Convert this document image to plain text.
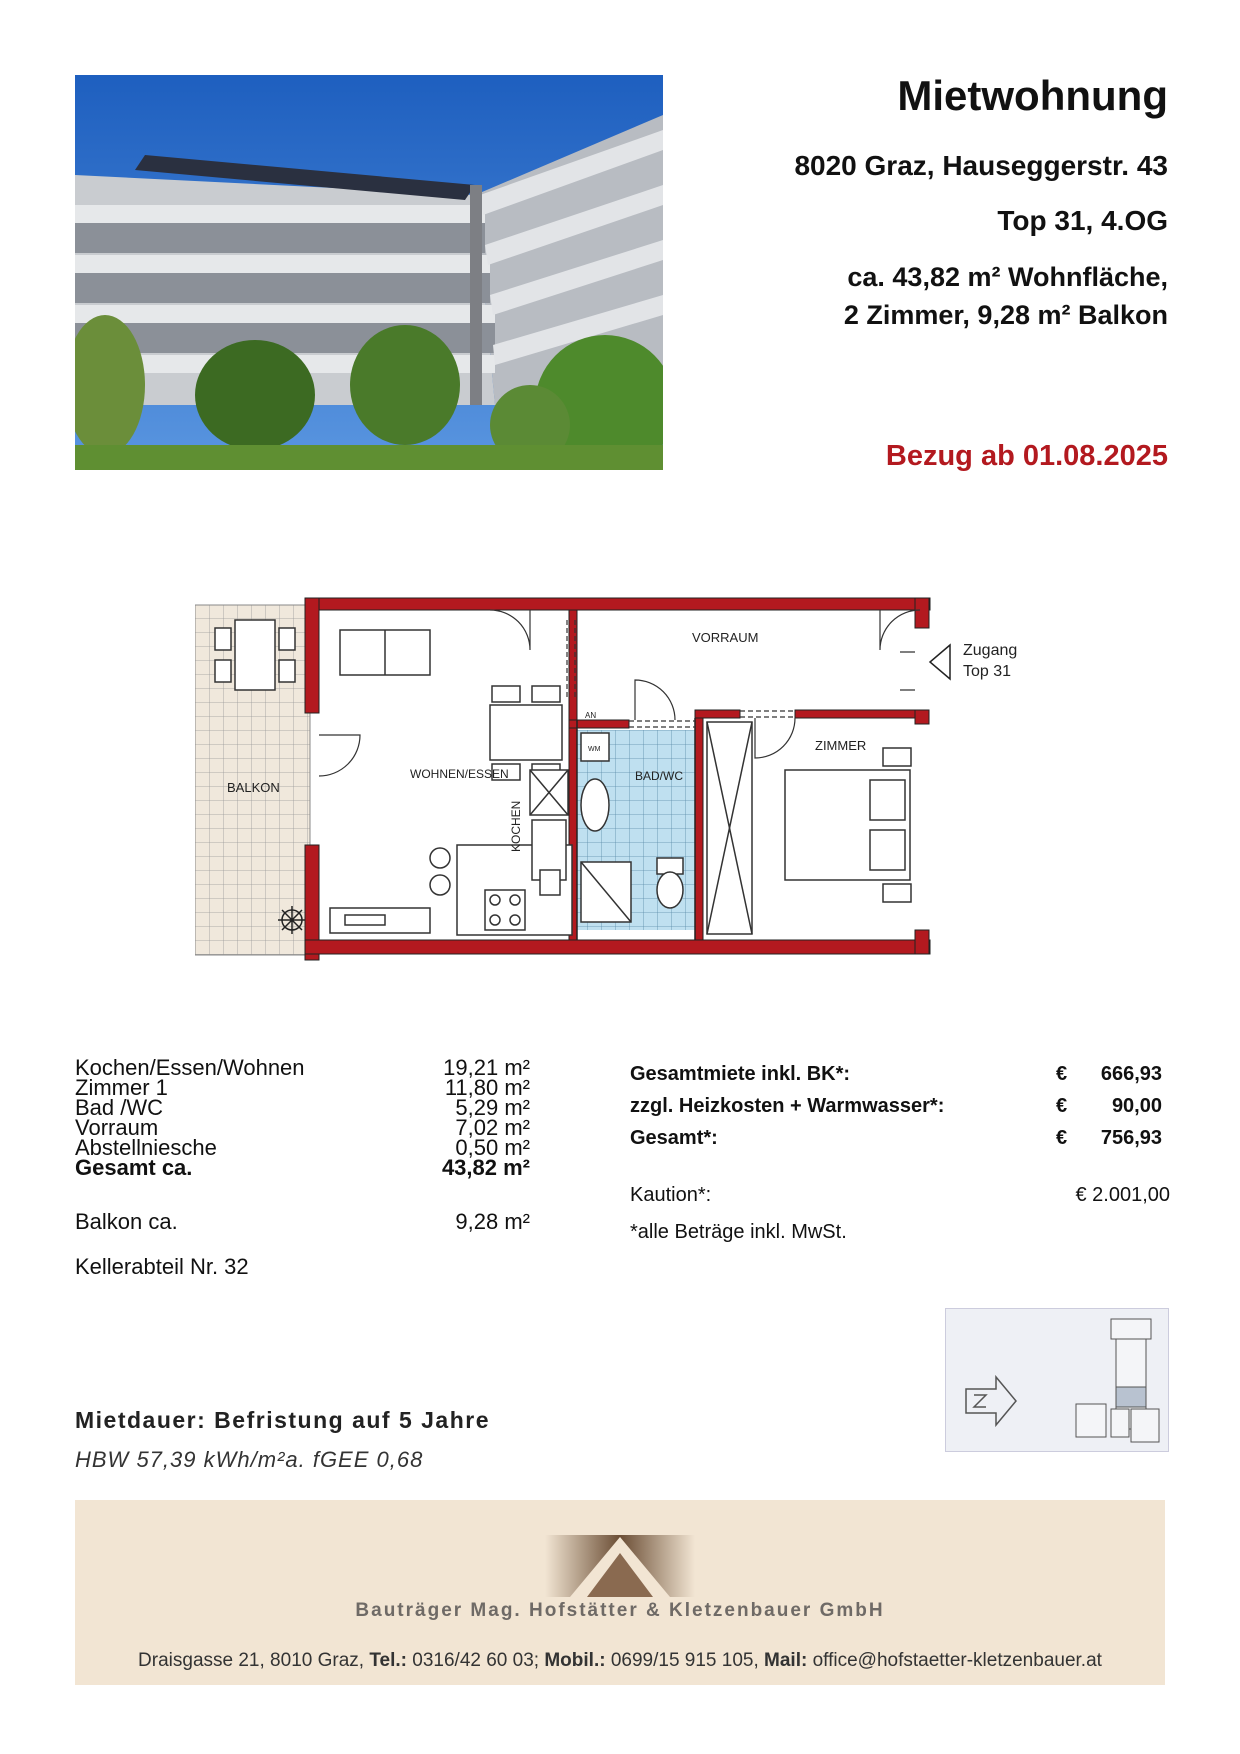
Mietwohnung
8020 Graz, Hauseggerstr. 43
Top 31, 4.OG
ca. 43,82 m² Wohnfläche,
2 Zimmer, 9,28 m² Balkon
Bezug ab 01.08.2025
VORRAUM
Zugang
Top 31
ZIMMER
WOHNEN/ESSEN	BAD/WC
AN
WM
BALKON
KOCHEN
Kochen/Essen/Wohnen	19,21 m²
Zimmer 1	11,80 m²
Bad /WC	5,29 m²
Vorraum	7,02 m²
Abstellniesche	0,50 m²
Gesamt ca.	43,82 m²
Balkon ca.	9,28 m²
Kellerabteil Nr. 32
Gesamtmiete inkl. BK*:	€ 666,93
zzgl. Heizkosten + Warmwasser*:	€ 90,00
Gesamt*:	€ 756,93
Kaution*:	€ 2.001,00
*alle Beträge inkl. MwSt.
Mietdauer: Befristung auf 5 Jahre
HBW 57,39 kWh/m²a. fGEE 0,68
Bauträger Mag. Hofstätter & Kletzenbauer GmbH
Draisgasse 21, 8010 Graz, Tel.: 0316/42 60 03; Mobil.: 0699/15 915 105, Mail: office@hofstaetter-kletzenbauer.at
